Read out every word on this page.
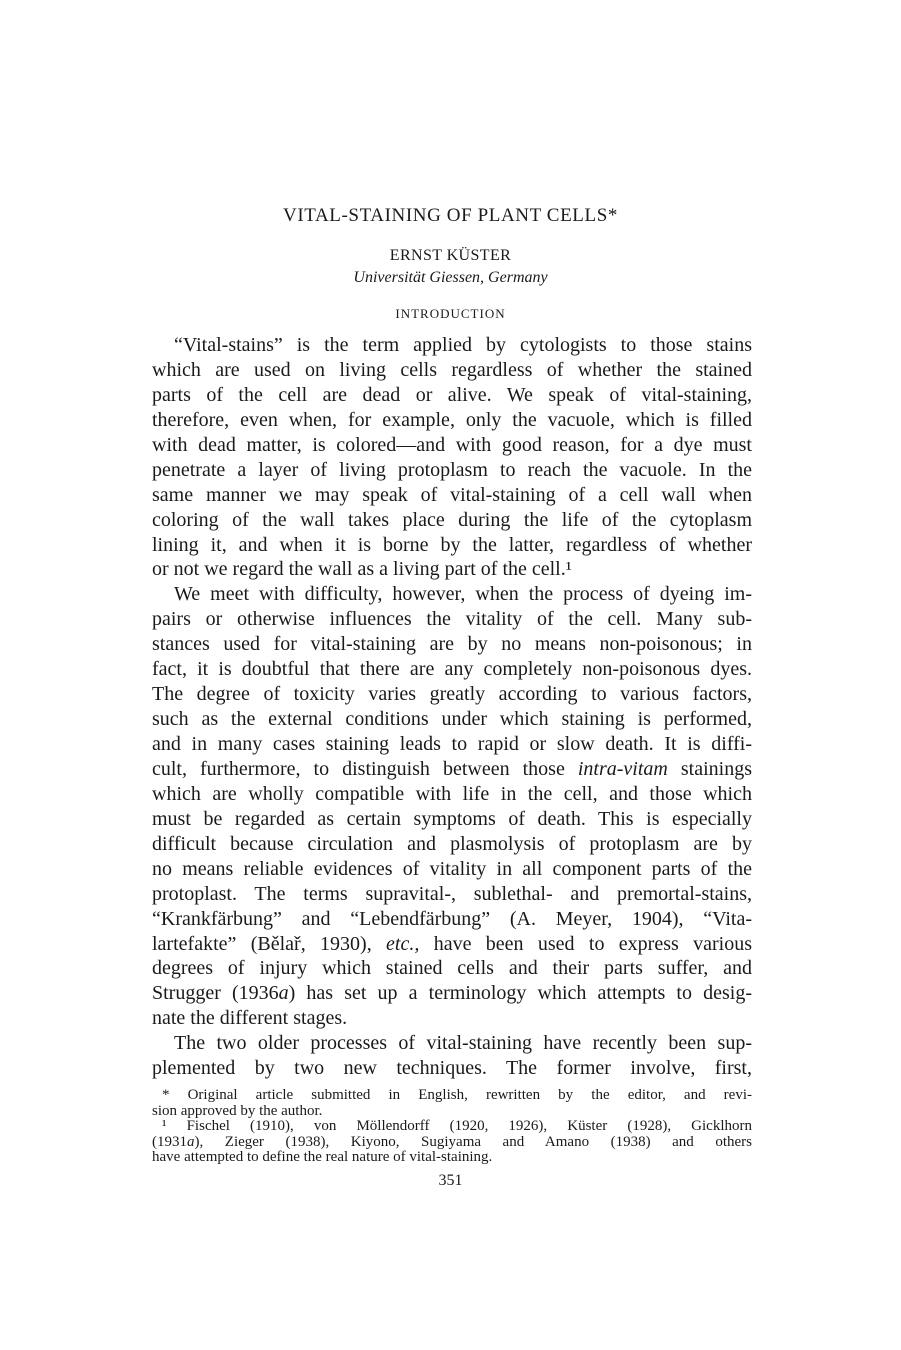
VITAL-STAINING OF PLANT CELLS*
ERNST KÜSTER
Universität Giessen, Germany
INTRODUCTION
“Vital-stains” is the term applied by cytologists to those stains
which are used on living cells regardless of whether the stained
parts of the cell are dead or alive. We speak of vital-staining,
therefore, even when, for example, only the vacuole, which is filled
with dead matter, is colored—and with good reason, for a dye must
penetrate a layer of living protoplasm to reach the vacuole. In the
same manner we may speak of vital-staining of a cell wall when
coloring of the wall takes place during the life of the cytoplasm
lining it, and when it is borne by the latter, regardless of whether
or not we regard the wall as a living part of the cell.¹
We meet with difficulty, however, when the process of dyeing im-
pairs or otherwise influences the vitality of the cell. Many sub-
stances used for vital-staining are by no means non-poisonous; in
fact, it is doubtful that there are any completely non-poisonous dyes.
The degree of toxicity varies greatly according to various factors,
such as the external conditions under which staining is performed,
and in many cases staining leads to rapid or slow death. It is diffi-
cult, furthermore, to distinguish between those intra-vitam stainings
which are wholly compatible with life in the cell, and those which
must be regarded as certain symptoms of death. This is especially
difficult because circulation and plasmolysis of protoplasm are by
no means reliable evidences of vitality in all component parts of the
protoplast. The terms supravital-, sublethal- and premortal-stains,
“Krankfärbung” and “Lebendfärbung” (A. Meyer, 1904), “Vita-
lartefakte” (Bělař, 1930), etc., have been used to express various
degrees of injury which stained cells and their parts suffer, and
Strugger (1936a) has set up a terminology which attempts to desig-
nate the different stages.
The two older processes of vital-staining have recently been sup-
plemented by two new techniques. The former involve, first,
* Original article submitted in English, rewritten by the editor, and revi-
sion approved by the author.
¹ Fischel (1910), von Möllendorff (1920, 1926), Küster (1928), Gicklhorn
(1931a), Zieger (1938), Kiyono, Sugiyama and Amano (1938) and others
have attempted to define the real nature of vital-staining.
351
